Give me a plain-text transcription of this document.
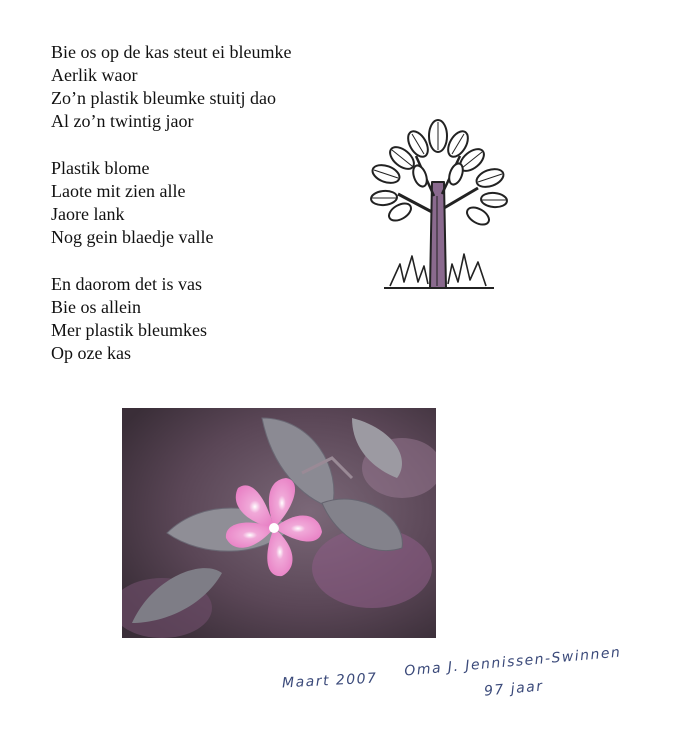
Bie os op de kas steut ei bleumke
Aerlik waor
Zo’n plastik bleumke stuitj dao
Al zo’n twintig jaor
Plastik blome
Laote mit zien alle
Jaore lank
Nog gein blaedje valle
En daorom det is vas
Bie os allein
Mer plastik bleumkes
Op oze kas
Maart 2007
Oma J. Jennissen-Swinnen
97 jaar
